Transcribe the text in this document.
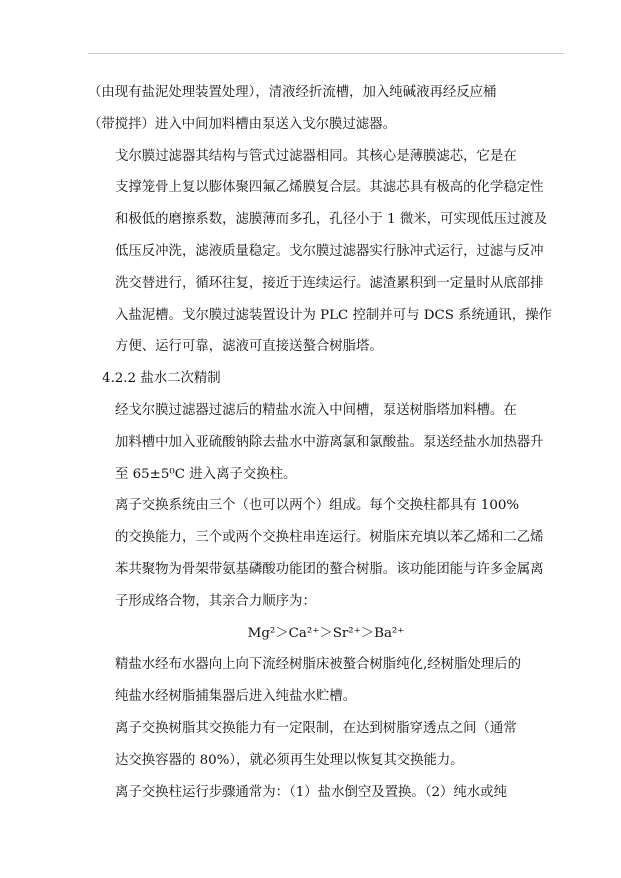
（由现有盐泥处理装置处理），清液经折流槽，加入纯碱液再经反应桶
（带搅拌）进入中间加料槽由泵送入戈尔膜过滤器。

戈尔膜过滤器其结构与管式过滤器相同。其核心是薄膜滤芯，它是在
支撑笼骨上复以膨体聚四氟乙烯膜复合层。其滤芯具有极高的化学稳定性
和极低的磨擦系数，滤膜薄而多孔，孔径小于 1 微米，可实现低压过渡及
低压反冲洗，滤液质量稳定。戈尔膜过滤器实行脉冲式运行，过滤与反冲
洗交替进行，循环往复，接近于连续运行。滤渣累积到一定量时从底部排
入盐泥槽。戈尔膜过滤装置设计为 PLC 控制并可与 DCS 系统通讯，操作
方便、运行可靠，滤液可直接送螯合树脂塔。

4.2.2 盐水二次精制

经戈尔膜过滤器过滤后的精盐水流入中间槽，泵送树脂塔加料槽。在
加料槽中加入亚硫酸钠除去盐水中游离氯和氯酸盐。泵送经盐水加热器升
至 65±5⁰C 进入离子交换柱。

离子交换系统由三个（也可以两个）组成。每个交换柱都具有 100%
的交换能力，三个或两个交换柱串连运行。树脂床充填以苯乙烯和二乙烯
苯共聚物为骨架带氨基磷酸功能团的螯合树脂。该功能团能与许多金属离
子形成络合物，其亲合力顺序为：

Mg²＞Ca²⁺＞Sr²⁺＞Ba²⁺

精盐水经布水器向上向下流经树脂床被螯合树脂纯化,经树脂处理后的
纯盐水经树脂捕集器后进入纯盐水贮槽。

离子交换树脂其交换能力有一定限制，在达到树脂穿透点之间（通常
达交换容器的 80%），就必须再生处理以恢复其交换能力。

离子交换柱运行步骤通常为：（1）盐水倒空及置换。（2）纯水或纯
